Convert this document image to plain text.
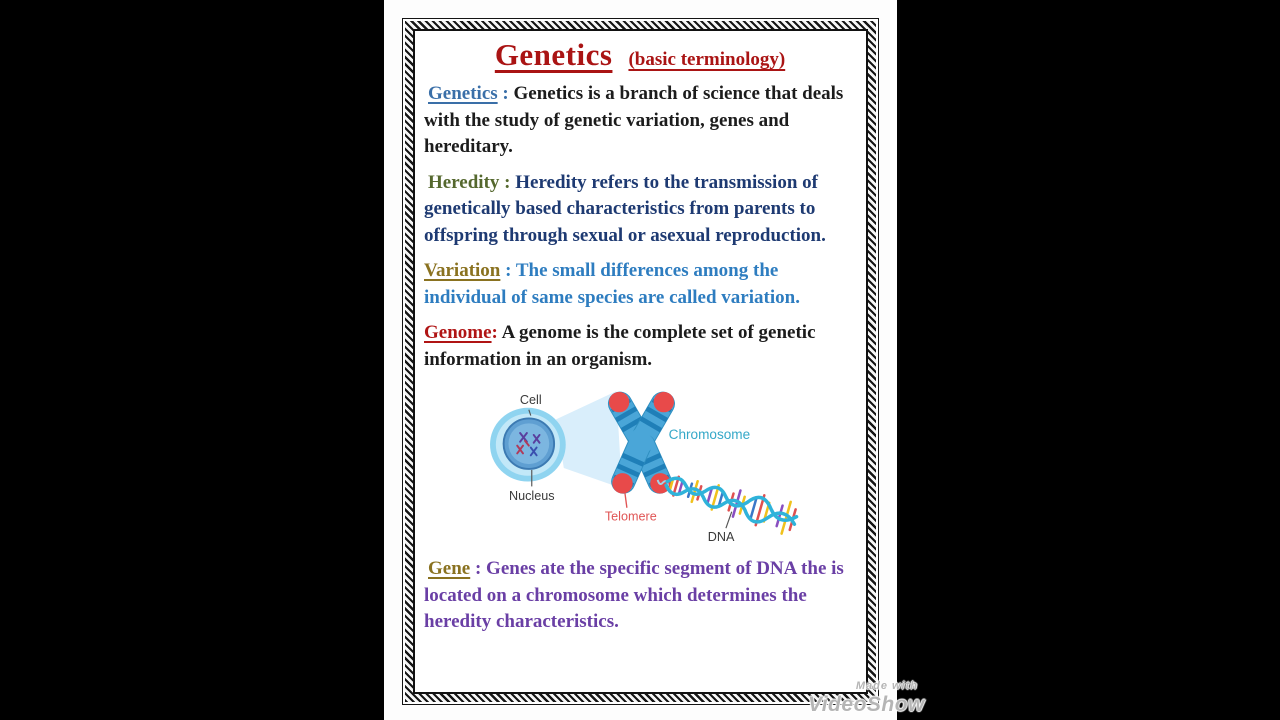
Genetics (basic terminology)

Genetics : Genetics is a branch of science that deals with the study of genetic variation, genes and hereditary.

Heredity : Heredity refers to the transmission of genetically based characteristics from parents to offspring through sexual or asexual reproduction.

Variation : The small differences among the individual of same species are called variation.

Genome: A genome is the complete set of genetic information in an organism.

Cell
Nucleus
Chromosome
Telomere
DNA

Gene : Genes ate the specific segment of DNA the is located on a chromosome which determines the heredity characteristics.

Made with
VideoShow
